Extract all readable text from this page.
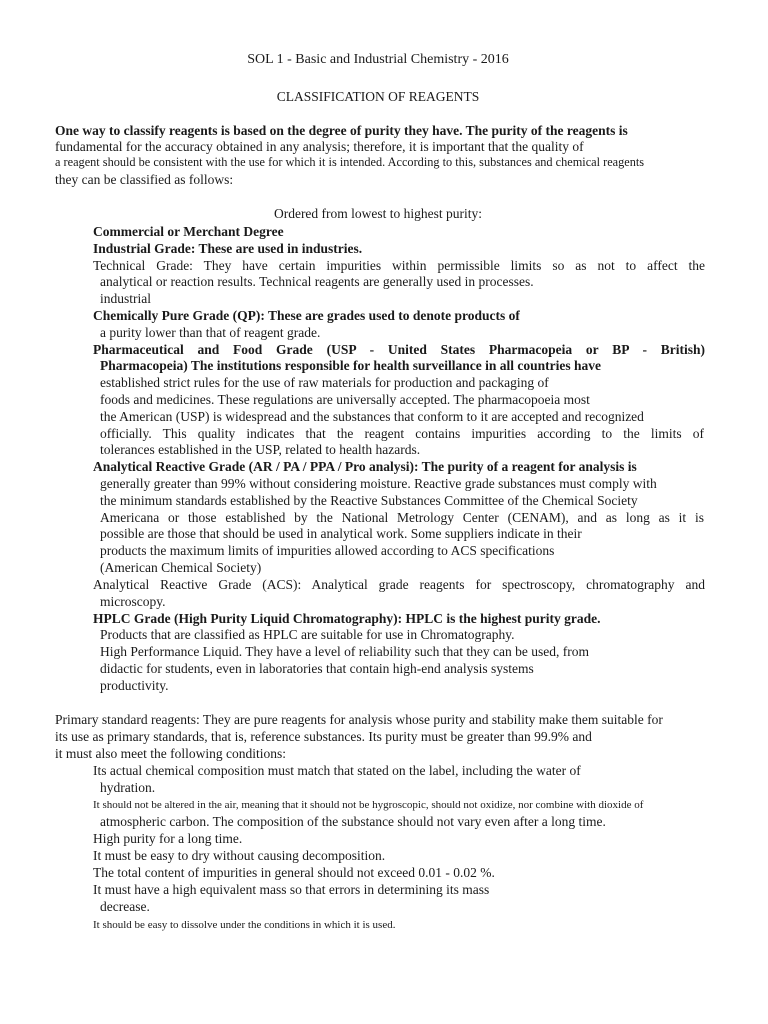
SOL 1 - Basic and Industrial Chemistry - 2016
CLASSIFICATION OF REAGENTS
One way to classify reagents is based on the degree of purity they have. The purity of the reagents is
fundamental for the accuracy obtained in any analysis; therefore, it is important that the quality of
a reagent should be consistent with the use for which it is intended. According to this, substances and chemical reagents
they can be classified as follows:
Ordered from lowest to highest purity:
Commercial or Merchant Degree
Industrial Grade: These are used in industries.
Technical Grade: They have certain impurities within permissible limits so as not to affect the
analytical or reaction results. Technical reagents are generally used in processes.
industrial
Chemically Pure Grade (QP): These are grades used to denote products of
a purity lower than that of reagent grade.
Pharmaceutical and Food Grade (USP - United States Pharmacopeia or BP - British)
Pharmacopeia) The institutions responsible for health surveillance in all countries have
established strict rules for the use of raw materials for production and packaging of
foods and medicines. These regulations are universally accepted. The pharmacopoeia most
the American (USP) is widespread and the substances that conform to it are accepted and recognized
officially. This quality indicates that the reagent contains impurities according to the limits of
tolerances established in the USP, related to health hazards.
Analytical Reactive Grade (AR / PA / PPA / Pro analysi): The purity of a reagent for analysis is
generally greater than 99% without considering moisture. Reactive grade substances must comply with
the minimum standards established by the Reactive Substances Committee of the Chemical Society
Americana or those established by the National Metrology Center (CENAM), and as long as it is
possible are those that should be used in analytical work. Some suppliers indicate in their
products the maximum limits of impurities allowed according to ACS specifications
(American Chemical Society)
Analytical Reactive Grade (ACS): Analytical grade reagents for spectroscopy, chromatography and
microscopy.
HPLC Grade (High Purity Liquid Chromatography): HPLC is the highest purity grade.
Products that are classified as HPLC are suitable for use in Chromatography.
High Performance Liquid. They have a level of reliability such that they can be used, from
didactic for students, even in laboratories that contain high-end analysis systems
productivity.
Primary standard reagents: They are pure reagents for analysis whose purity and stability make them suitable for
its use as primary standards, that is, reference substances. Its purity must be greater than 99.9% and
it must also meet the following conditions:
Its actual chemical composition must match that stated on the label, including the water of
hydration.
It should not be altered in the air, meaning that it should not be hygroscopic, should not oxidize, nor combine with dioxide of
atmospheric carbon. The composition of the substance should not vary even after a long time.
High purity for a long time.
It must be easy to dry without causing decomposition.
The total content of impurities in general should not exceed 0.01 - 0.02 %.
It must have a high equivalent mass so that errors in determining its mass
decrease.
It should be easy to dissolve under the conditions in which it is used.
